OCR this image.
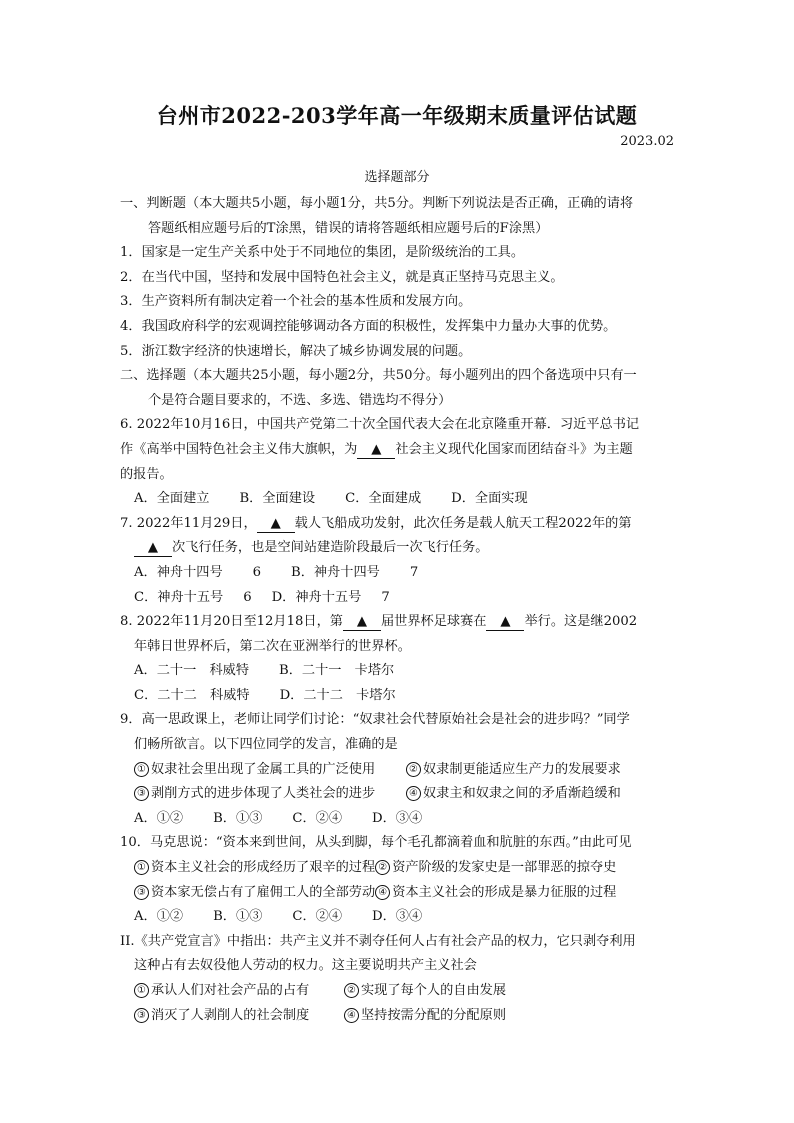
台州市2022-203学年高一年级期末质量评估试题
2023.02
选择题部分
一、判断题（本大题共5小题，每小题1分，共5分。判断下列说法是否正确，正确的请将
答题纸相应题号后的T涂黑，错误的请将答题纸相应题号后的F涂黑）
1．国家是一定生产关系中处于不同地位的集团，是阶级统治的工具。
2．在当代中国，坚持和发展中国特色社会主义，就是真正坚持马克思主义。
3．生产资料所有制决定着一个社会的基本性质和发展方向。
4．我国政府科学的宏观调控能够调动各方面的积极性，发挥集中力量办大事的优势。
5．浙江数字经济的快速增长，解决了城乡协调发展的问题。
二、选择题（本大题共25小题，每小题2分，共50分。每小题列出的四个备选项中只有一
个是符合题目要求的，不选、多选、错选均不得分）
6. 2022年10月16日，中国共产党第二十次全国代表大会在北京隆重开幕．习近平总书记
作《高举中国特色社会主义伟大旗帜，为 ▲ 社会主义现代化国家而团结奋斗》为主题
的报告。
A．全面建立 B．全面建设 C．全面建成 D．全面实现
7. 2022年11月29日， ▲ 载人飞船成功发射，此次任务是载人航天工程2022年的第
▲ 次飞行任务，也是空间站建造阶段最后一次飞行任务。
A．神舟十四号 6 B．神舟十四号 7
C．神舟十五号 6 D．神舟十五号 7
8. 2022年11月20日至12月18日，第 ▲ 届世界杯足球赛在 ▲ 举行。这是继2002
年韩日世界杯后，第二次在亚洲举行的世界杯。
A．二十一　科威特 B．二十一　卡塔尔
C．二十二　科威特 D．二十二　卡塔尔
9．高一思政课上，老师让同学们讨论：“奴隶社会代替原始社会是社会的进步吗？”同学
们畅所欲言。以下四位同学的发言，准确的是
① 奴隶社会里出现了金属工具的广泛使用	② 奴隶制更能适应生产力的发展要求
③ 剥削方式的进步体现了人类社会的进步	④ 奴隶主和奴隶之间的矛盾渐趋缓和
A．①② B．①③ C．②④ D．③④
10．马克思说：“资本来到世间，从头到脚，每个毛孔都滴着血和肮脏的东西。”由此可见
① 资本主义社会的形成经历了艰辛的过程 ② 资产阶级的发家史是一部罪恶的掠夺史
③ 资本家无偿占有了雇佣工人的全部劳动 ④ 资本主义社会的形成是暴力征服的过程
A．①② B．①③ C．②④ D．③④
II.《共产党宣言》中指出：共产主义并不剥夺任何人占有社会产品的权力，它只剥夺利用
这种占有去奴役他人劳动的权力。这主要说明共产主义社会
① 承认人们对社会产品的占有	② 实现了每个人的自由发展
③ 消灭了人剥削人的社会制度	④ 坚持按需分配的分配原则
